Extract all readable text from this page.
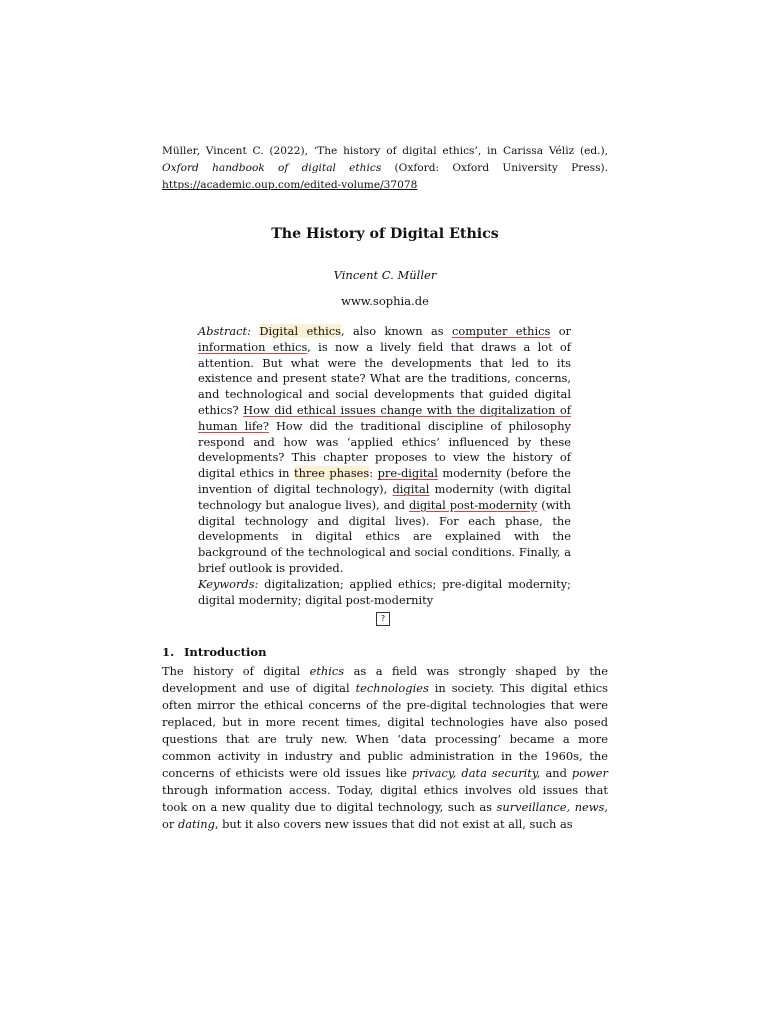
Müller, Vincent C. (2022), ‘The history of digital ethics’, in Carissa Véliz (ed.), Oxford handbook of digital ethics (Oxford: Oxford University Press). https://academic.oup.com/edited-volume/37078
The History of Digital Ethics
Vincent C. Müller
www.sophia.de
Abstract: Digital ethics, also known as computer ethics or information ethics, is now a lively field that draws a lot of attention. But what were the developments that led to its existence and present state? What are the traditions, concerns, and technological and social developments that guided digital ethics? How did ethical issues change with the digitalization of human life? How did the traditional discipline of philosophy respond and how was ‘applied ethics’ influenced by these developments? This chapter proposes to view the history of digital ethics in three phases: pre-digital modernity (before the invention of digital technology), digital modernity (with digital technology but analogue lives), and digital post-modernity (with digital technology and digital lives). For each phase, the developments in digital ethics are explained with the background of the technological and social conditions. Finally, a brief outlook is provided.
Keywords: digitalization; applied ethics; pre-digital modernity; digital modernity; digital post-modernity
?
1. Introduction
The history of digital ethics as a field was strongly shaped by the development and use of digital technologies in society. This digital ethics often mirror the ethical concerns of the pre-digital technologies that were replaced, but in more recent times, digital technologies have also posed questions that are truly new. When ‘data processing’ became a more common activity in industry and public administration in the 1960s, the concerns of ethicists were old issues like privacy, data security, and power through information access. Today, digital ethics involves old issues that took on a new quality due to digital technology, such as surveillance, news, or dating, but it also covers new issues that did not exist at all, such as
